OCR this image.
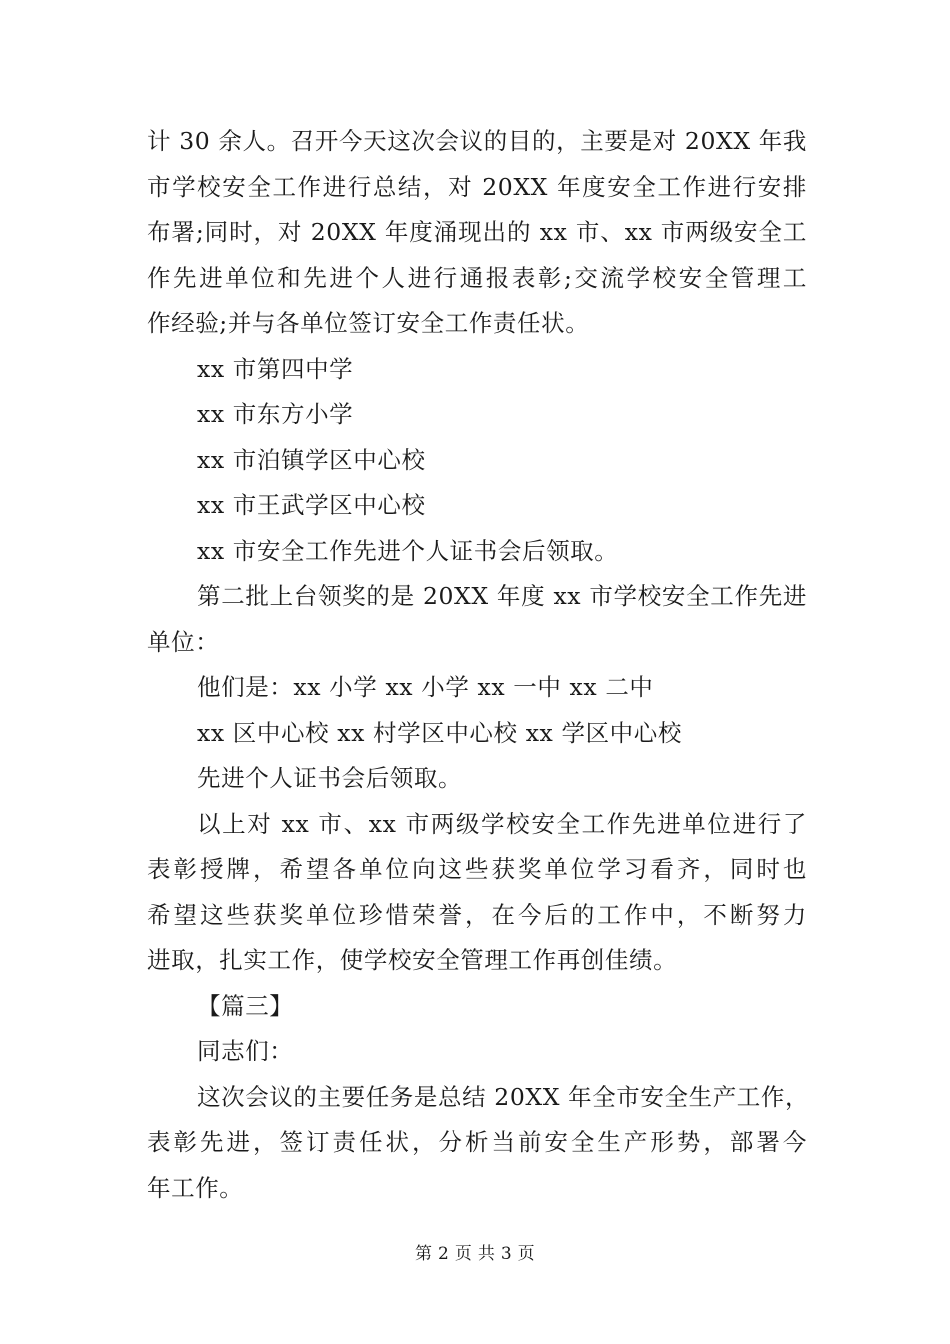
计 30 余人。召开今天这次会议的目的，主要是对 20XX 年我
市学校安全工作进行总结，对 20XX 年度安全工作进行安排
布署;同时，对 20XX 年度涌现出的 xx 市、xx 市两级安全工
作先进单位和先进个人进行通报表彰;交流学校安全管理工
作经验;并与各单位签订安全工作责任状。
xx 市第四中学
xx 市东方小学
xx 市泊镇学区中心校
xx 市王武学区中心校
xx 市安全工作先进个人证书会后领取。
第二批上台领奖的是 20XX 年度 xx 市学校安全工作先进
单位：
他们是：xx 小学 xx 小学 xx 一中 xx 二中
xx 区中心校 xx 村学区中心校 xx 学区中心校
先进个人证书会后领取。
以上对 xx 市、xx 市两级学校安全工作先进单位进行了
表彰授牌，希望各单位向这些获奖单位学习看齐，同时也
希望这些获奖单位珍惜荣誉，在今后的工作中，不断努力
进取，扎实工作，使学校安全管理工作再创佳绩。
【篇三】
同志们：
这次会议的主要任务是总结 20XX 年全市安全生产工作，
表彰先进，签订责任状，分析当前安全生产形势，部署今
年工作。
第 2 页 共 3 页
